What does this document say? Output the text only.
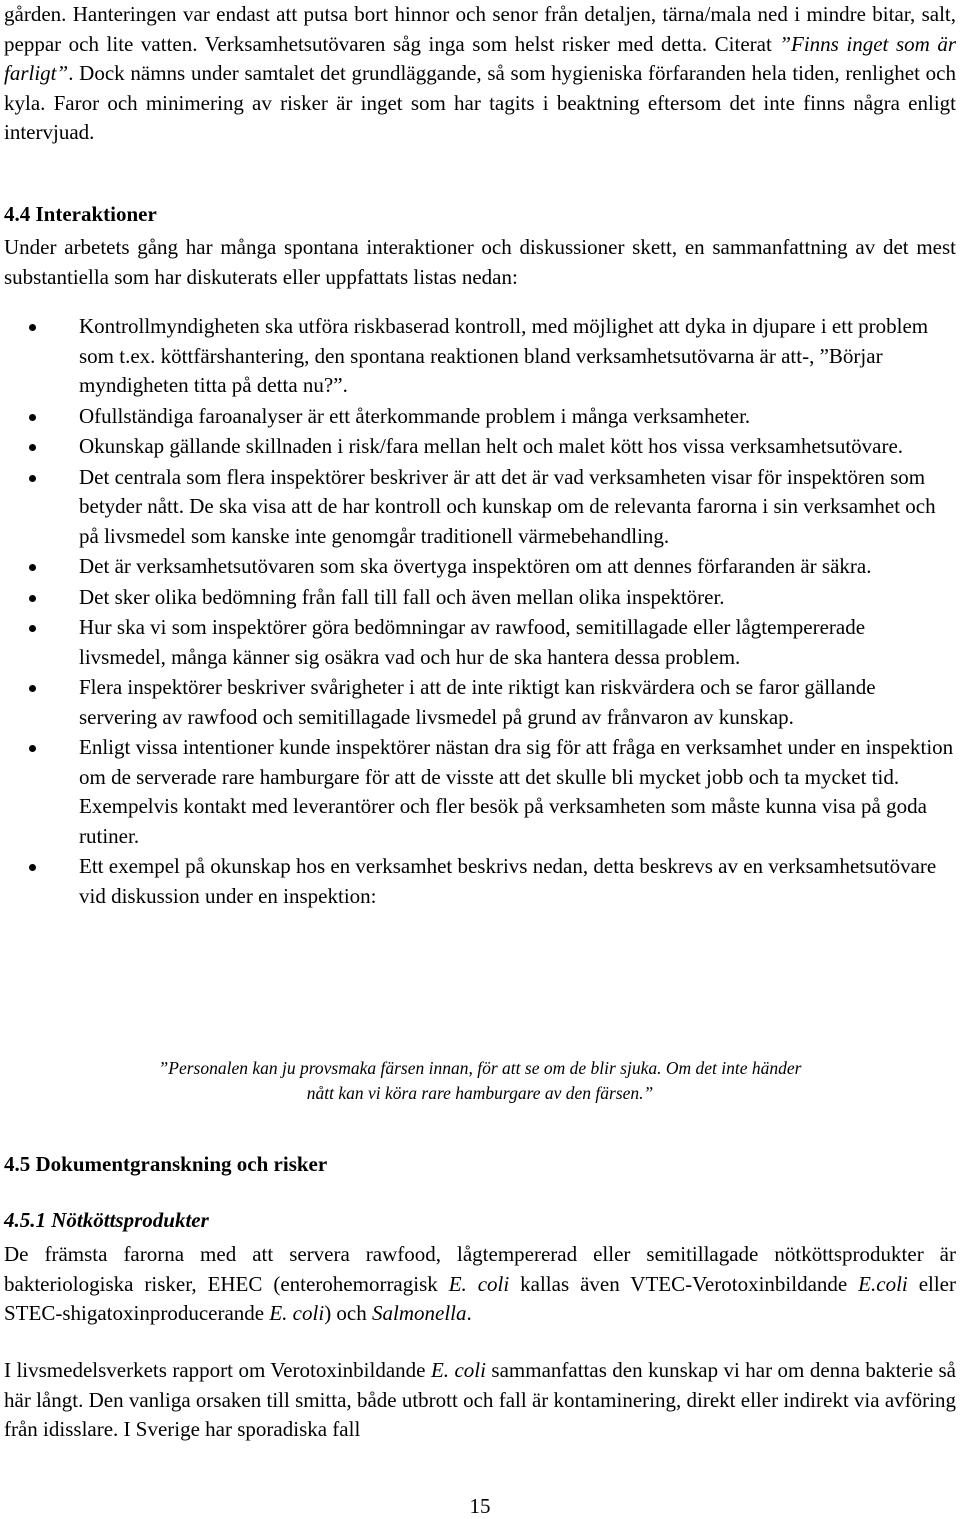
gården. Hanteringen var endast att putsa bort hinnor och senor från detaljen, tärna/mala ned i mindre bitar, salt, peppar och lite vatten. Verksamhetsutövaren såg inga som helst risker med detta. Citerat ”Finns inget som är farligt”. Dock nämns under samtalet det grundläggande, så som hygieniska förfaranden hela tiden, renlighet och kyla. Faror och minimering av risker är inget som har tagits i beaktning eftersom det inte finns några enligt intervjuad.

4.4 Interaktioner

Under arbetets gång har många spontana interaktioner och diskussioner skett, en sammanfattning av det mest substantiella som har diskuterats eller uppfattats listas nedan:

Kontrollmyndigheten ska utföra riskbaserad kontroll, med möjlighet att dyka in djupare i ett problem som t.ex. köttfärshantering, den spontana reaktionen bland verksamhetsutövarna är att-, ”Börjar myndigheten titta på detta nu?”.
Ofullständiga faroanalyser är ett återkommande problem i många verksamheter.
Okunskap gällande skillnaden i risk/fara mellan helt och malet kött hos vissa verksamhetsutövare.
Det centrala som flera inspektörer beskriver är att det är vad verksamheten visar för inspektören som betyder nått. De ska visa att de har kontroll och kunskap om de relevanta farorna i sin verksamhet och på livsmedel som kanske inte genomgår traditionell värmebehandling.
Det är verksamhetsutövaren som ska övertyga inspektören om att dennes förfaranden är säkra.
Det sker olika bedömning från fall till fall och även mellan olika inspektörer.
Hur ska vi som inspektörer göra bedömningar av rawfood, semitillagade eller lågtempererade livsmedel, många känner sig osäkra vad och hur de ska hantera dessa problem.
Flera inspektörer beskriver svårigheter i att de inte riktigt kan riskvärdera och se faror gällande servering av rawfood och semitillagade livsmedel på grund av frånvaron av kunskap.
Enligt vissa intentioner kunde inspektörer nästan dra sig för att fråga en verksamhet under en inspektion om de serverade rare hamburgare för att de visste att det skulle bli mycket jobb och ta mycket tid. Exempelvis kontakt med leverantörer och fler besök på verksamheten som måste kunna visa på goda rutiner.
Ett exempel på okunskap hos en verksamhet beskrivs nedan, detta beskrevs av en verksamhetsutövare vid diskussion under en inspektion:
”Personalen kan ju provsmaka färsen innan, för att se om de blir sjuka. Om det inte händer
nått kan vi köra rare hamburgare av den färsen.”
4.5 Dokumentgranskning och risker
4.5.1 Nötköttsprodukter

De främsta farorna med att servera rawfood, lågtempererad eller semitillagade nötköttsprodukter är bakteriologiska risker, EHEC (enterohemorragisk E. coli kallas även VTEC-Verotoxinbildande E.coli eller STEC-shigatoxinproducerande E. coli) och Salmonella.

I livsmedelsverkets rapport om Verotoxinbildande E. coli sammanfattas den kunskap vi har om denna bakterie så här långt. Den vanliga orsaken till smitta, både utbrott och fall är kontaminering, direkt eller indirekt via avföring från idisslare. I Sverige har sporadiska fall

15
